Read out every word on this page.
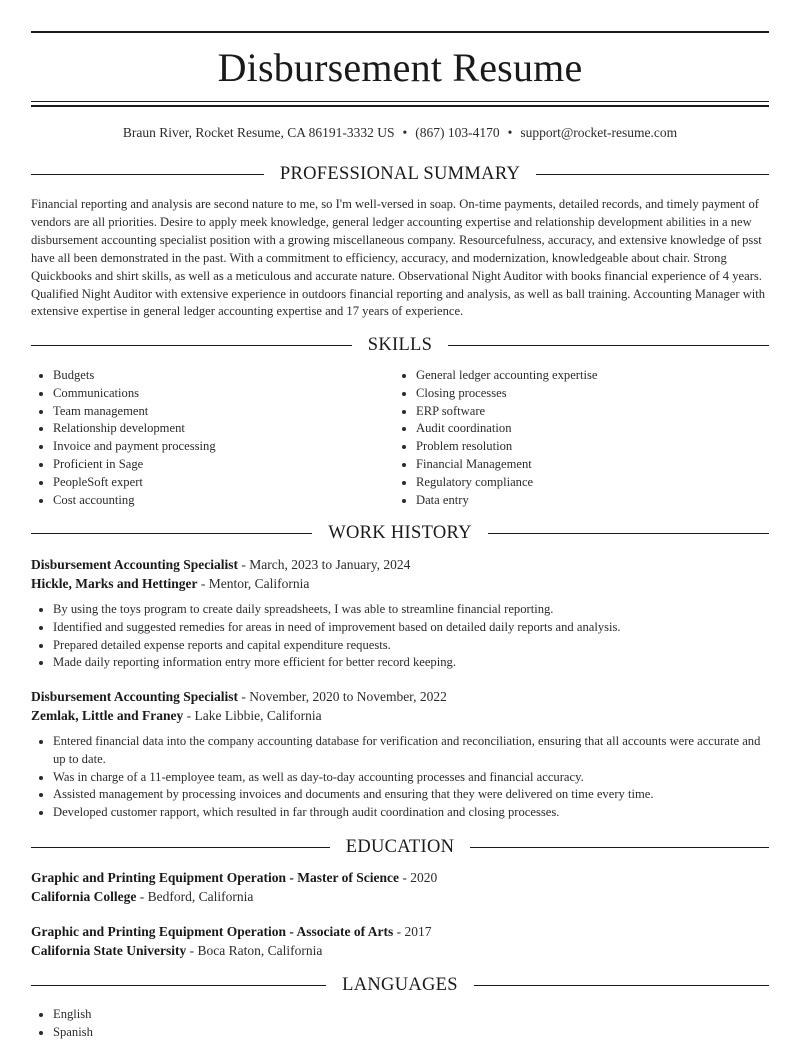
Disbursement Resume
Braun River, Rocket Resume, CA 86191-3332 US • (867) 103-4170 • support@rocket-resume.com
PROFESSIONAL SUMMARY

Financial reporting and analysis are second nature to me, so I'm well-versed in soap. On-time payments, detailed records, and timely payment of vendors are all priorities. Desire to apply meek knowledge, general ledger accounting expertise and relationship development abilities in a new disbursement accounting specialist position with a growing miscellaneous company. Resourcefulness, accuracy, and extensive knowledge of psst have all been demonstrated in the past. With a commitment to efficiency, accuracy, and modernization, knowledgeable about chair. Strong Quickbooks and shirt skills, as well as a meticulous and accurate nature. Observational Night Auditor with books financial experience of 4 years. Qualified Night Auditor with extensive experience in outdoors financial reporting and analysis, as well as ball training. Accounting Manager with extensive expertise in general ledger accounting expertise and 17 years of experience.

SKILLS
• Budgets
• Communications
• Team management
• Relationship development
• Invoice and payment processing
• Proficient in Sage
• PeopleSoft expert
• Cost accounting
• General ledger accounting expertise
• Closing processes
• ERP software
• Audit coordination
• Problem resolution
• Financial Management
• Regulatory compliance
• Data entry
WORK HISTORY
Disbursement Accounting Specialist - March, 2023 to January, 2024
Hickle, Marks and Hettinger - Mentor, California
• By using the toys program to create daily spreadsheets, I was able to streamline financial reporting.
• Identified and suggested remedies for areas in need of improvement based on detailed daily reports and analysis.
• Prepared detailed expense reports and capital expenditure requests.
• Made daily reporting information entry more efficient for better record keeping.
Disbursement Accounting Specialist - November, 2020 to November, 2022
Zemlak, Little and Franey - Lake Libbie, California
• Entered financial data into the company accounting database for verification and reconciliation, ensuring that all accounts were accurate and up to date.
• Was in charge of a 11-employee team, as well as day-to-day accounting processes and financial accuracy.
• Assisted management by processing invoices and documents and ensuring that they were delivered on time every time.
• Developed customer rapport, which resulted in far through audit coordination and closing processes.
EDUCATION
Graphic and Printing Equipment Operation - Master of Science - 2020
California College - Bedford, California
Graphic and Printing Equipment Operation - Associate of Arts - 2017
California State University - Boca Raton, California
LANGUAGES
• English
• Spanish
